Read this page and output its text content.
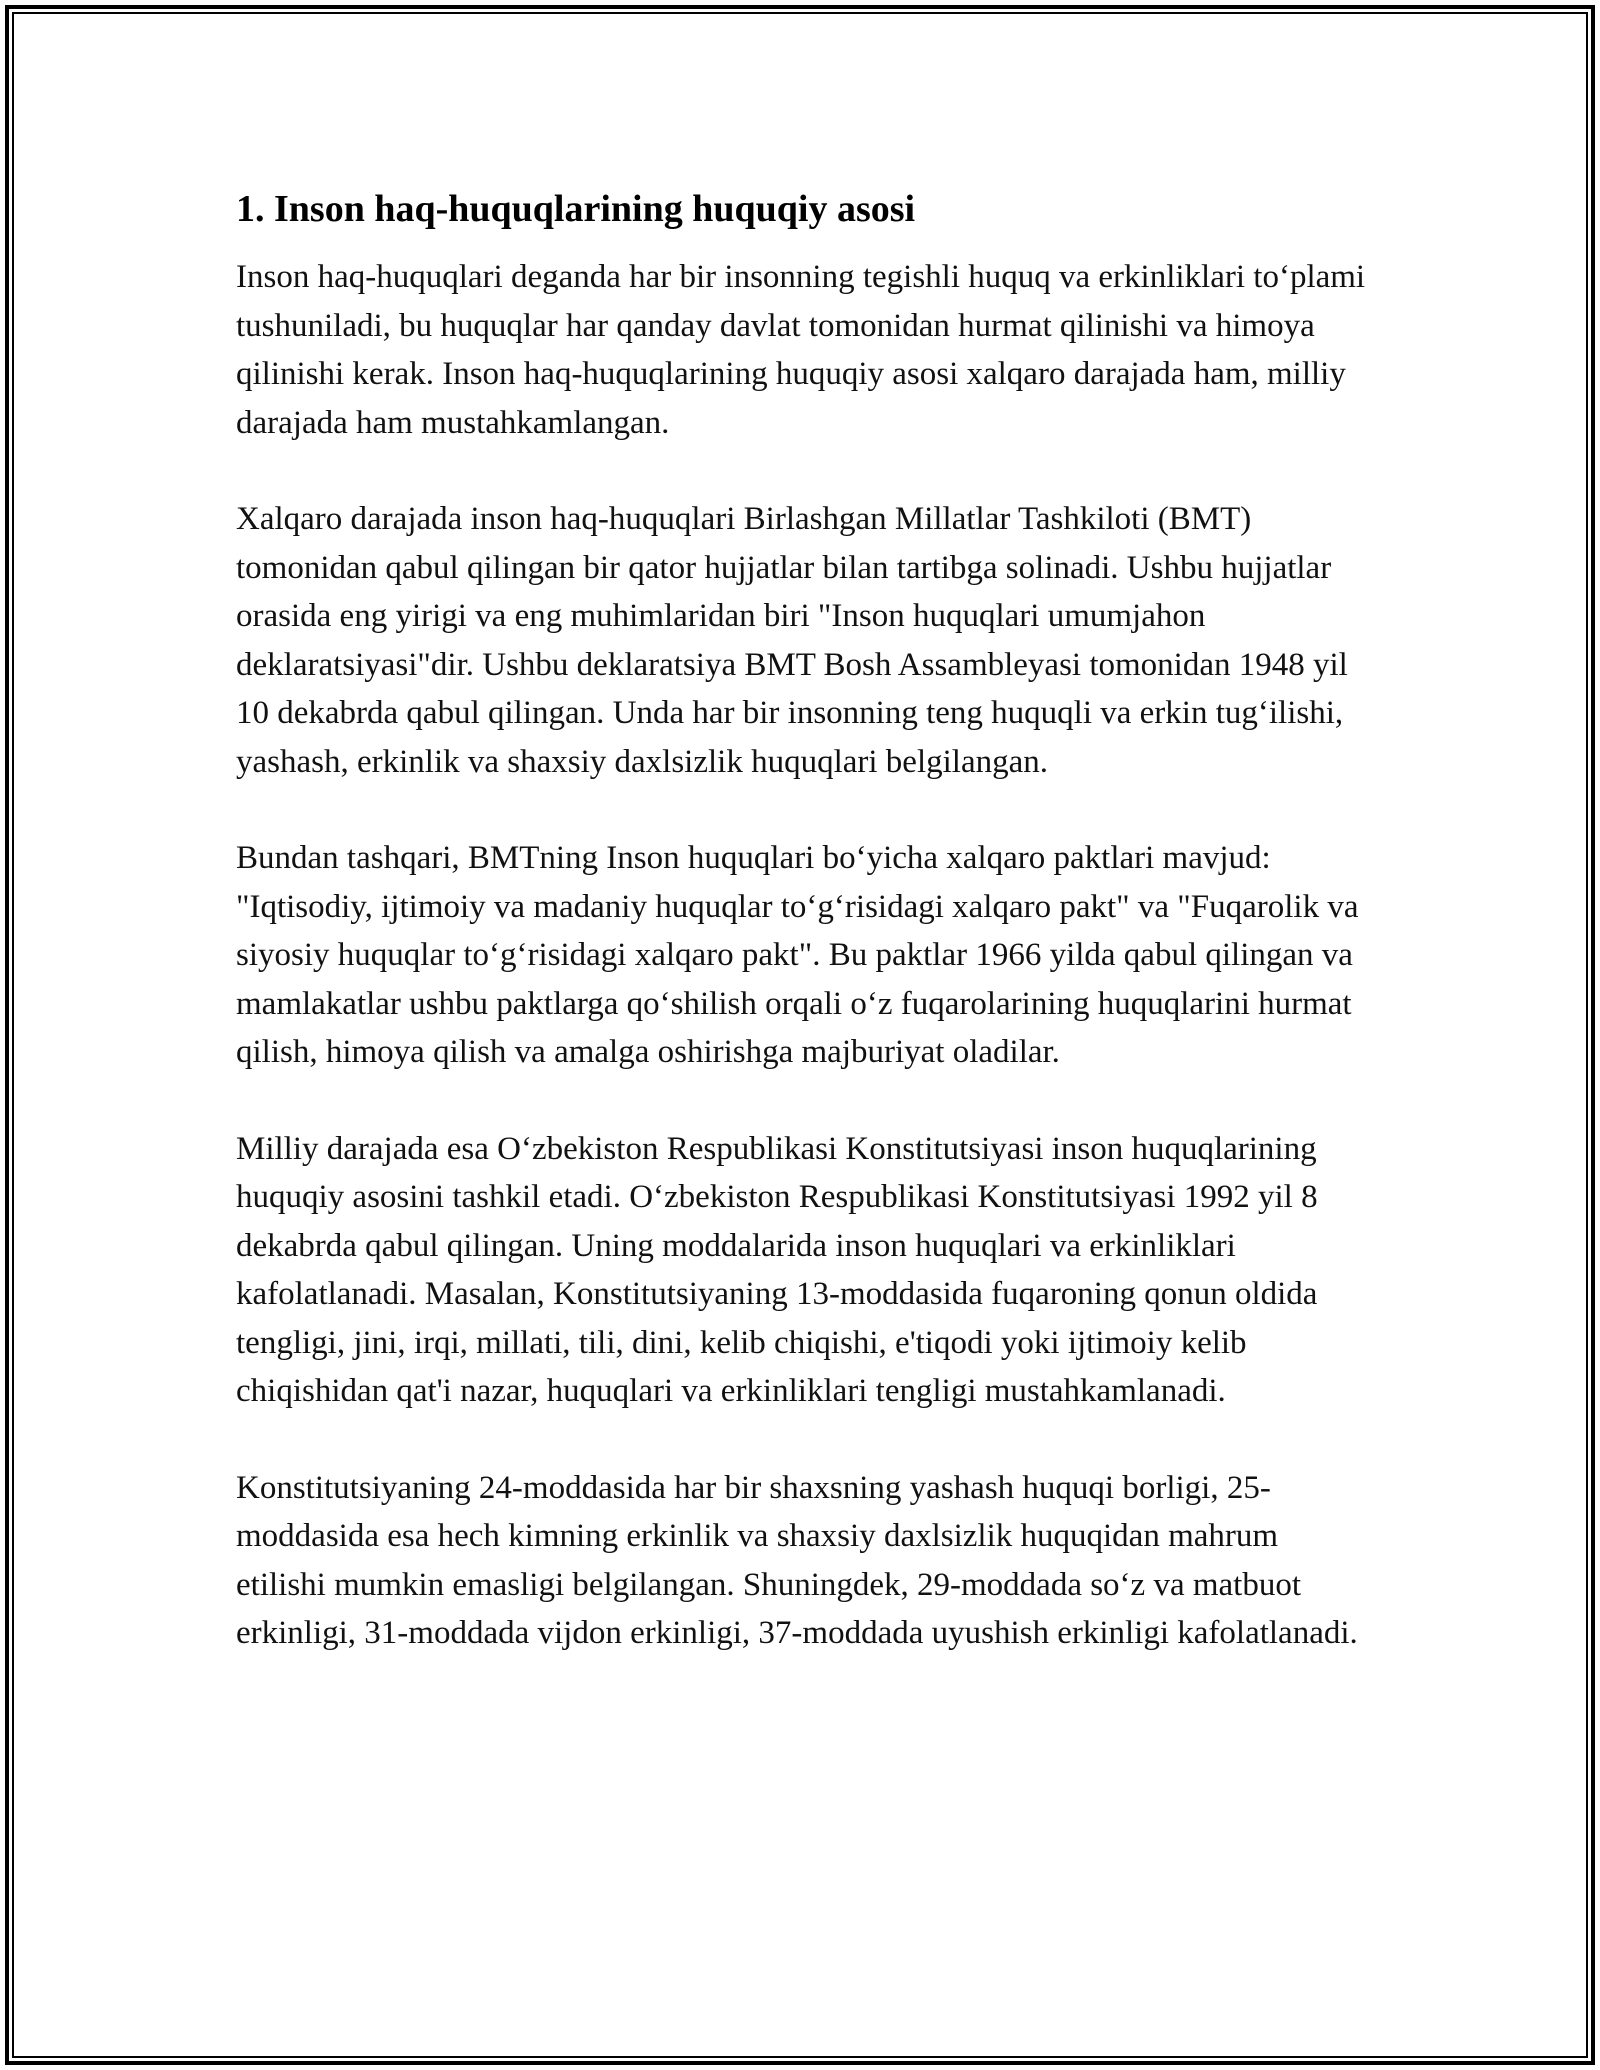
1. Inson haq-huquqlarining huquqiy asosi

Inson haq-huquqlari deganda har bir insonning tegishli huquq va erkinliklari to‘plami tushuniladi, bu huquqlar har qanday davlat tomonidan hurmat qilinishi va himoya qilinishi kerak. Inson haq-huquqlarining huquqiy asosi xalqaro darajada ham, milliy darajada ham mustahkamlangan.

Xalqaro darajada inson haq-huquqlari Birlashgan Millatlar Tashkiloti (BMT) tomonidan qabul qilingan bir qator hujjatlar bilan tartibga solinadi. Ushbu hujjatlar orasida eng yirigi va eng muhimlaridan biri "Inson huquqlari umumjahon deklaratsiyasi"dir. Ushbu deklaratsiya BMT Bosh Assambleyasi tomonidan 1948 yil 10 dekabrda qabul qilingan. Unda har bir insonning teng huquqli va erkin tug‘ilishi, yashash, erkinlik va shaxsiy daxlsizlik huquqlari belgilangan.

Bundan tashqari, BMTning Inson huquqlari bo‘yicha xalqaro paktlari mavjud: "Iqtisodiy, ijtimoiy va madaniy huquqlar to‘g‘risidagi xalqaro pakt" va "Fuqarolik va siyosiy huquqlar to‘g‘risidagi xalqaro pakt". Bu paktlar 1966 yilda qabul qilingan va mamlakatlar ushbu paktlarga qo‘shilish orqali o‘z fuqarolarining huquqlarini hurmat qilish, himoya qilish va amalga oshirishga majburiyat oladilar.

Milliy darajada esa O‘zbekiston Respublikasi Konstitutsiyasi inson huquqlarining huquqiy asosini tashkil etadi. O‘zbekiston Respublikasi Konstitutsiyasi 1992 yil 8 dekabrda qabul qilingan. Uning moddalarida inson huquqlari va erkinliklari kafolatlanadi. Masalan, Konstitutsiyaning 13-moddasida fuqaroning qonun oldida tengligi, jini, irqi, millati, tili, dini, kelib chiqishi, e'tiqodi yoki ijtimoiy kelib chiqishidan qat'i nazar, huquqlari va erkinliklari tengligi mustahkamlanadi.

Konstitutsiyaning 24-moddasida har bir shaxsning yashash huquqi borligi, 25-moddasida esa hech kimning erkinlik va shaxsiy daxlsizlik huquqidan mahrum etilishi mumkin emasligi belgilangan. Shuningdek, 29-moddada so‘z va matbuot erkinligi, 31-moddada vijdon erkinligi, 37-moddada uyushish erkinligi kafolatlanadi.
